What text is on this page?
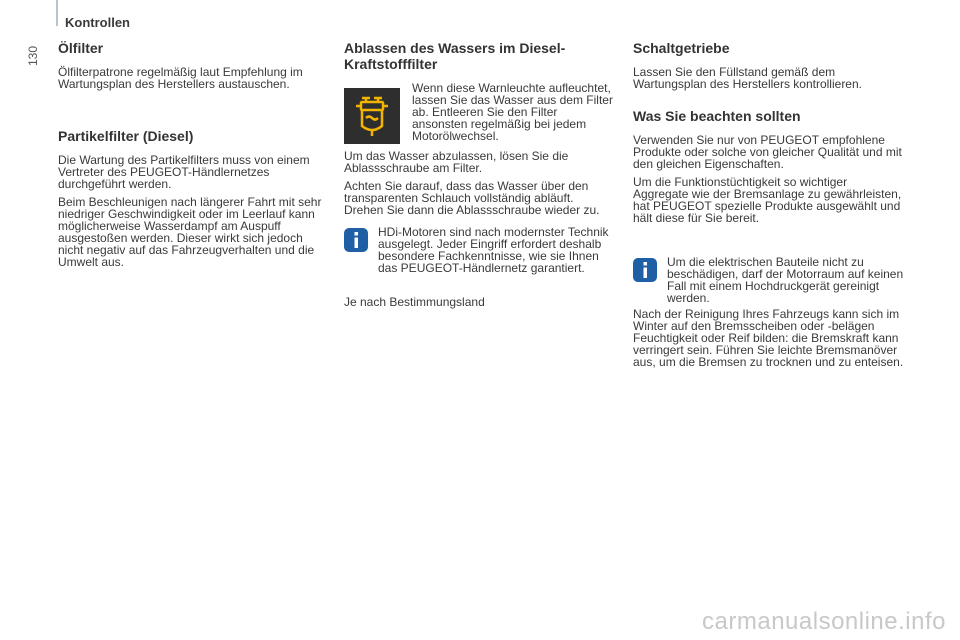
Kontrollen
130 Ölfilter

Ölfilterpatrone regelmäßig laut Empfehlung im Wartungsplan des Herstellers austauschen.

Partikelfilter (Diesel)

Die Wartung des Partikelfilters muss von einem Vertreter des PEUGEOT-Händlernetzes durchgeführt werden.

Beim Beschleunigen nach längerer Fahrt mit sehr niedriger Geschwindigkeit oder im Leerlauf kann möglicherweise Wasserdampf am Auspuff ausgestoßen werden. Dieser wirkt sich jedoch nicht negativ auf das Fahrzeugverhalten und die Umwelt aus.

Ablassen des Wassers im Diesel-Kraftstofffilter

Wenn diese Warnleuchte aufleuchtet, lassen Sie das Wasser aus dem Filter ab. Entleeren Sie den Filter ansonsten regelmäßig bei jedem Motorölwechsel.

Um das Wasser abzulassen, lösen Sie die Ablassschraube am Filter.

Achten Sie darauf, dass das Wasser über den transparenten Schlauch vollständig abläuft. Drehen Sie dann die Ablassschraube wieder zu.

HDi-Motoren sind nach modernster Technik ausgelegt. Jeder Eingriff erfordert deshalb besondere Fachkenntnisse, wie sie Ihnen das PEUGEOT-Händlernetz garantiert.

Je nach Bestimmungsland

Schaltgetriebe

Lassen Sie den Füllstand gemäß dem Wartungsplan des Herstellers kontrollieren.

Was Sie beachten sollten

Verwenden Sie nur von PEUGEOT empfohlene Produkte oder solche von gleicher Qualität und mit den gleichen Eigenschaften.

Um die Funktionstüchtigkeit so wichtiger Aggregate wie der Bremsanlage zu gewährleisten, hat PEUGEOT spezielle Produkte ausgewählt und hält diese für Sie bereit.

Um die elektrischen Bauteile nicht zu beschädigen, darf der Motorraum auf keinen Fall mit einem Hochdruckgerät gereinigt werden.

Nach der Reinigung Ihres Fahrzeugs kann sich im Winter auf den Bremsscheiben oder -belägen Feuchtigkeit oder Reif bilden: die Bremskraft kann verringert sein. Führen Sie leichte Bremsmanöver aus, um die Bremsen zu trocknen und zu enteisen.

carmanualsonline.info
